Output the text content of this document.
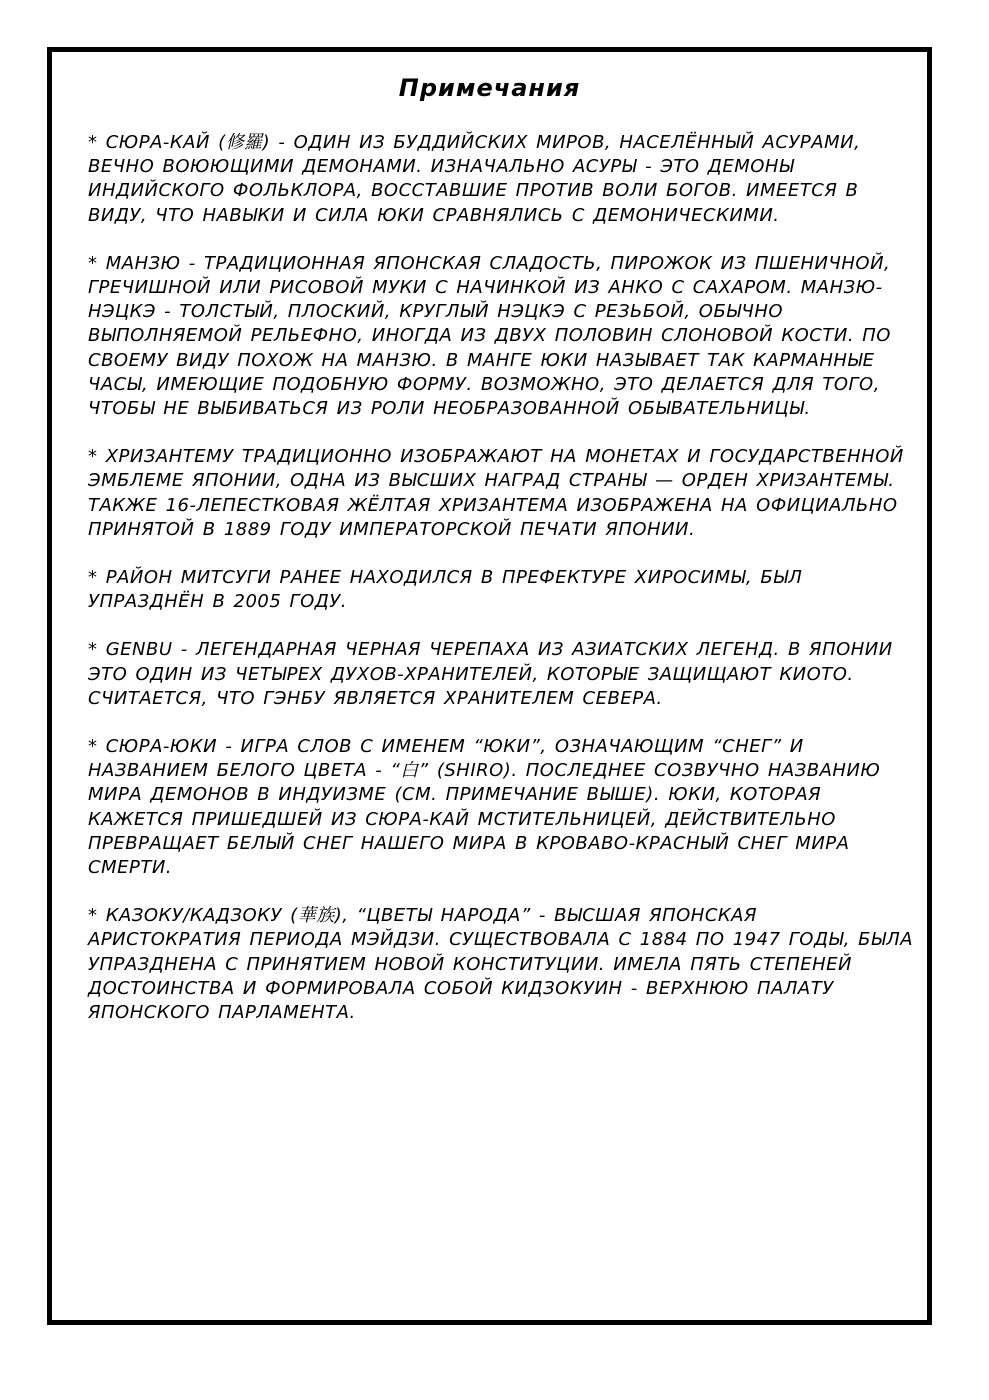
Примечания

* СЮРА-КАЙ (修羅) - ОДИН ИЗ БУДДИЙСКИХ МИРОВ, НАСЕЛЁННЫЙ АСУРАМИ, ВЕЧНО ВОЮЮЩИМИ ДЕМОНАМИ. ИЗНАЧАЛЬНО АСУРЫ - ЭТО ДЕМОНЫ ИНДИЙСКОГО ФОЛЬКЛОРА, ВОССТАВШИЕ ПРОТИВ ВОЛИ БОГОВ. ИМЕЕТСЯ В ВИДУ, ЧТО НАВЫКИ И СИЛА ЮКИ СРАВНЯЛИСЬ С ДЕМОНИЧЕСКИМИ.

* МАНЗЮ - ТРАДИЦИОННАЯ ЯПОНСКАЯ СЛАДОСТЬ, ПИРОЖОК ИЗ ПШЕНИЧНОЙ, ГРЕЧИШНОЙ ИЛИ РИСОВОЙ МУКИ С НАЧИНКОЙ ИЗ АНКО С САХАРОМ. МАНЗЮ-НЭЦКЭ - ТОЛСТЫЙ, ПЛОСКИЙ, КРУГЛЫЙ НЭЦКЭ С РЕЗЬБОЙ, ОБЫЧНО ВЫПОЛНЯЕМОЙ РЕЛЬЕФНО, ИНОГДА ИЗ ДВУХ ПОЛОВИН СЛОНОВОЙ КОСТИ. ПО СВОЕМУ ВИДУ ПОХОЖ НА МАНЗЮ. В МАНГЕ ЮКИ НАЗЫВАЕТ ТАК КАРМАННЫЕ ЧАСЫ, ИМЕЮЩИЕ ПОДОБНУЮ ФОРМУ. ВОЗМОЖНО, ЭТО ДЕЛАЕТСЯ ДЛЯ ТОГО, ЧТОБЫ НЕ ВЫБИВАТЬСЯ ИЗ РОЛИ НЕОБРАЗОВАННОЙ ОБЫВАТЕЛЬНИЦЫ.

* ХРИЗАНТЕМУ ТРАДИЦИОННО ИЗОБРАЖАЮТ НА МОНЕТАХ И ГОСУДАРСТВЕННОЙ ЭМБЛЕМЕ ЯПОНИИ, ОДНА ИЗ ВЫСШИХ НАГРАД СТРАНЫ — ОРДЕН ХРИЗАНТЕМЫ. ТАКЖЕ 16-ЛЕПЕСТКОВАЯ ЖЁЛТАЯ ХРИЗАНТЕМА ИЗОБРАЖЕНА НА ОФИЦИАЛЬНО ПРИНЯТОЙ В 1889 ГОДУ ИМПЕРАТОРСКОЙ ПЕЧАТИ ЯПОНИИ.

* РАЙОН МИТСУГИ РАНЕЕ НАХОДИЛСЯ В ПРЕФЕКТУРЕ ХИРОСИМЫ, БЫЛ УПРАЗДНЁН В 2005 ГОДУ.

* GENBU - ЛЕГЕНДАРНАЯ ЧЕРНАЯ ЧЕРЕПАХА ИЗ АЗИАТСКИХ ЛЕГЕНД. В ЯПОНИИ ЭТО ОДИН ИЗ ЧЕТЫРЕХ ДУХОВ-ХРАНИТЕЛЕЙ, КОТОРЫЕ ЗАЩИЩАЮТ КИОТО. СЧИТАЕТСЯ, ЧТО ГЭНБУ ЯВЛЯЕТСЯ ХРАНИТЕЛЕМ СЕВЕРА.

* СЮРА-ЮКИ - ИГРА СЛОВ С ИМЕНЕМ “ЮКИ”, ОЗНАЧАЮЩИМ “СНЕГ” И НАЗВАНИЕМ БЕЛОГО ЦВЕТА - “白” (SHIRO). ПОСЛЕДНЕЕ СОЗВУЧНО НАЗВАНИЮ МИРА ДЕМОНОВ В ИНДУИЗМЕ (СМ. ПРИМЕЧАНИЕ ВЫШЕ). ЮКИ, КОТОРАЯ КАЖЕТСЯ ПРИШЕДШЕЙ ИЗ СЮРА-КАЙ МСТИТЕЛЬНИЦЕЙ, ДЕЙСТВИТЕЛЬНО ПРЕВРАЩАЕТ БЕЛЫЙ СНЕГ НАШЕГО МИРА В КРОВАВО-КРАСНЫЙ СНЕГ МИРА СМЕРТИ.

* КАЗОКУ/КАДЗОКУ (華族), “ЦВЕТЫ НАРОДА” - ВЫСШАЯ ЯПОНСКАЯ АРИСТОКРАТИЯ ПЕРИОДА МЭЙДЗИ. СУЩЕСТВОВАЛА С 1884 ПО 1947 ГОДЫ, БЫЛА УПРАЗДНЕНА С ПРИНЯТИЕМ НОВОЙ КОНСТИТУЦИИ. ИМЕЛА ПЯТЬ СТЕПЕНЕЙ ДОСТОИНСТВА И ФОРМИРОВАЛА СОБОЙ КИДЗОКУИН - ВЕРХНЮЮ ПАЛАТУ ЯПОНСКОГО ПАРЛАМЕНТА.
